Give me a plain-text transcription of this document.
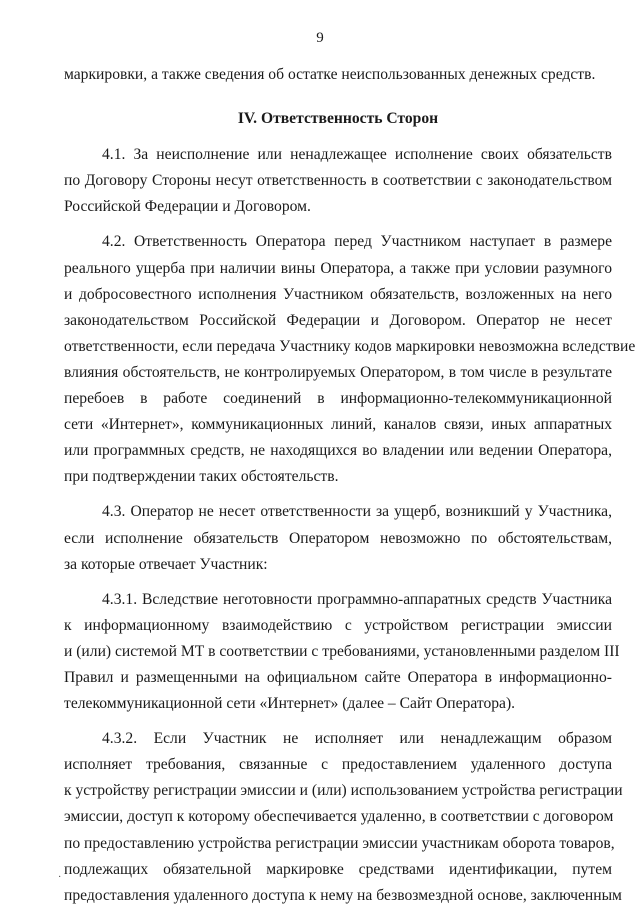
9
маркировки, а также сведения об остатке неиспользованных денежных средств.
IV. Ответственность Сторон
4.1. За неисполнение или ненадлежащее исполнение своих обязательств
по Договору Стороны несут ответственность в соответствии с законодательством
Российской Федерации и Договором.
4.2. Ответственность Оператора перед Участником наступает в размере
реального ущерба при наличии вины Оператора, а также при условии разумного
и добросовестного исполнения Участником обязательств, возложенных на него
законодательством Российской Федерации и Договором. Оператор не несет
ответственности, если передача Участнику кодов маркировки невозможна вследствие
влияния обстоятельств, не контролируемых Оператором, в том числе в результате
перебоев в работе соединений в информационно-телекоммуникационной
сети «Интернет», коммуникационных линий, каналов связи, иных аппаратных
или программных средств, не находящихся во владении или ведении Оператора,
при подтверждении таких обстоятельств.
4.3. Оператор не несет ответственности за ущерб, возникший у Участника,
если исполнение обязательств Оператором невозможно по обстоятельствам,
за которые отвечает Участник:
4.3.1. Вследствие неготовности программно-аппаратных средств Участника
к информационному взаимодействию с устройством регистрации эмиссии
и (или) системой МТ в соответствии с требованиями, установленными разделом III
Правил и размещенными на официальном сайте Оператора в информационно-
телекоммуникационной сети «Интернет» (далее – Сайт Оператора).
4.3.2. Если Участник не исполняет или ненадлежащим образом
исполняет требования, связанные с предоставлением удаленного доступа
к устройству регистрации эмиссии и (или) использованием устройства регистрации
эмиссии, доступ к которому обеспечивается удаленно, в соответствии с договором
по предоставлению устройства регистрации эмиссии участникам оборота товаров,
подлежащих обязательной маркировке средствами идентификации, путем
предоставления удаленного доступа к нему на безвозмездной основе, заключенным
·
